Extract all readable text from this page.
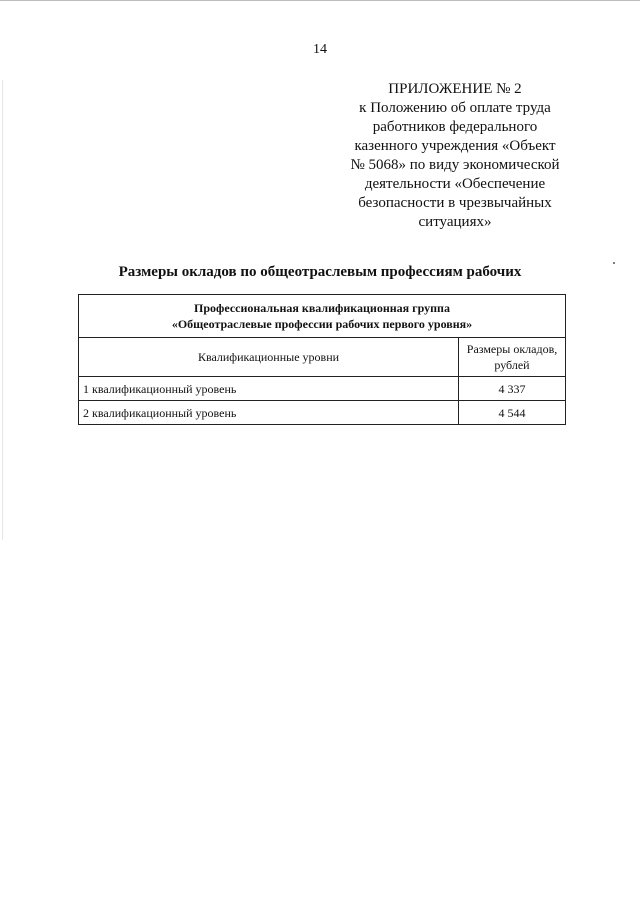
14
ПРИЛОЖЕНИЕ № 2
к Положению об оплате труда
работников федерального
казенного учреждения «Объект
№ 5068» по виду экономической
деятельности «Обеспечение
безопасности в чрезвычайных
ситуациях»
Размеры окладов по общеотраслевым профессиям рабочих
Профессиональная квалификационная группа
«Общеотраслевые профессии рабочих первого уровня»	

Квалификационные уровни	Размеры окладов,
рублей
1 квалификационный уровень	4 337
2 квалификационный уровень	4 544
